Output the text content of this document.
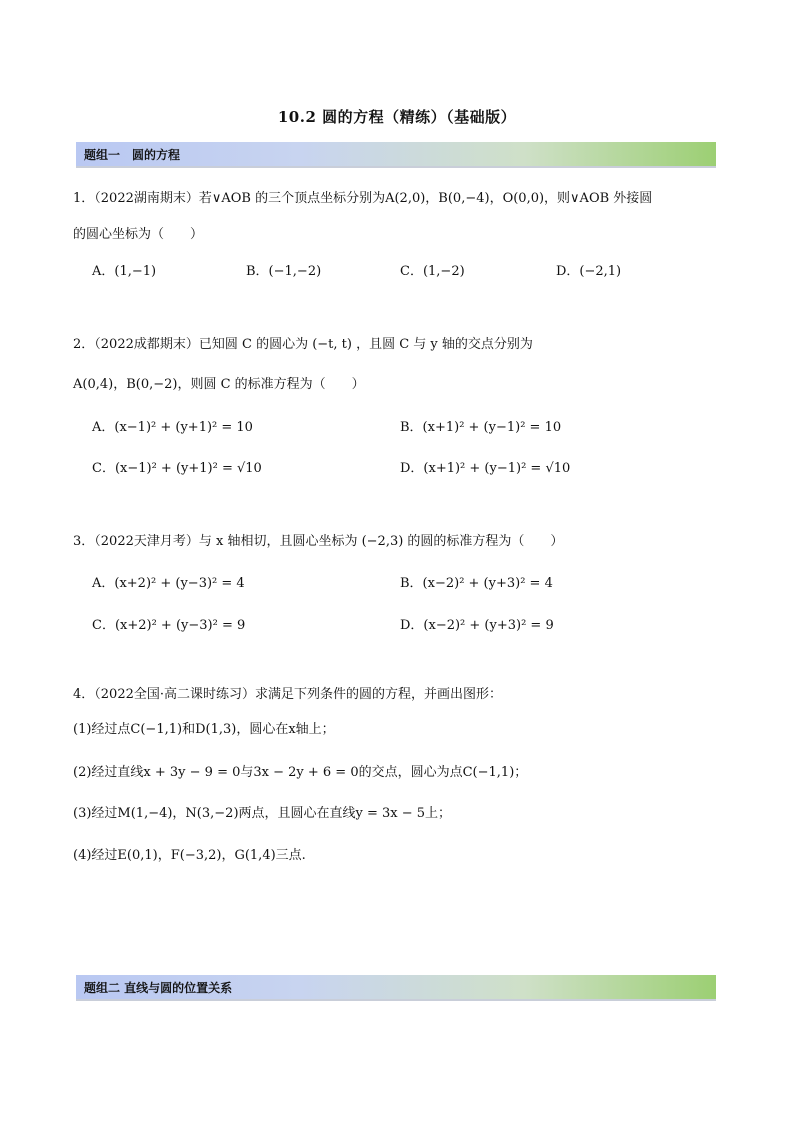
10.2 圆的方程（精练）（基础版）
题组一　圆的方程
1．（2022湖南期末）若∨AOB 的三个顶点坐标分别为A(2,0)，B(0,−4)，O(0,0)，则∨AOB 外接圆
的圆心坐标为（　　）
A．(1,−1)	B．(−1,−2)	C．(1,−2)	D．(−2,1)
2．（2022成都期末）已知圆 C 的圆心为 (−t, t) ，且圆 C 与 y 轴的交点分别为
A(0,4)，B(0,−2)，则圆 C 的标准方程为（　　）
A．(x−1)² + (y+1)² = 10	B．(x+1)² + (y−1)² = 10
C．(x−1)² + (y+1)² = √10	D．(x+1)² + (y−1)² = √10
3．（2022天津月考）与 x 轴相切，且圆心坐标为 (−2,3) 的圆的标准方程为（　　）
A．(x+2)² + (y−3)² = 4	B．(x−2)² + (y+3)² = 4
C．(x+2)² + (y−3)² = 9	D．(x−2)² + (y+3)² = 9
4．（2022全国·高二课时练习）求满足下列条件的圆的方程，并画出图形：
(1)经过点C(−1,1)和D(1,3)，圆心在x轴上；
(2)经过直线x + 3y − 9 = 0与3x − 2y + 6 = 0的交点，圆心为点C(−1,1)；
(3)经过M(1,−4)，N(3,−2)两点，且圆心在直线y = 3x − 5上；
(4)经过E(0,1)，F(−3,2)，G(1,4)三点.
题组二 直线与圆的位置关系
